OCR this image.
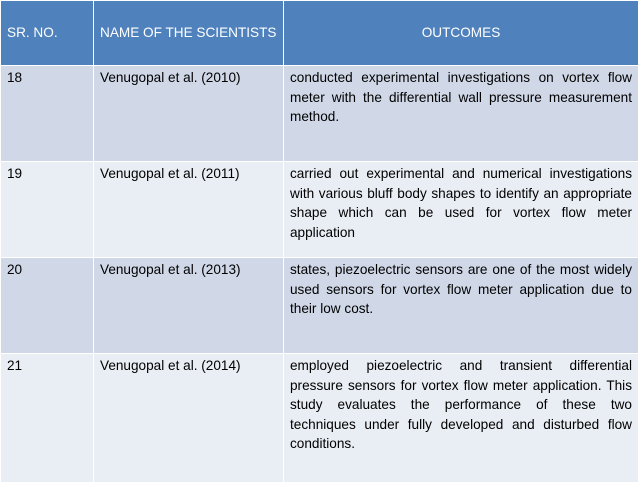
SR. NO.	NAME OF THE SCIENTISTS	OUTCOMES
18	Venugopal et al. (2010)	conducted experimental investigations on vortex flow meter with the differential wall pressure measurement method.
19	Venugopal et al. (2011)	carried out experimental and numerical investigations with various bluff body shapes to identify an appropriate shape which can be used for vortex flow meter application
20	Venugopal et al. (2013)	states, piezoelectric sensors are one of the most widely used sensors for vortex flow meter application due to their low cost.
21	Venugopal et al. (2014)	employed piezoelectric and transient differential pressure sensors for vortex flow meter application. This study evaluates the performance of these two techniques under fully developed and disturbed flow conditions.
